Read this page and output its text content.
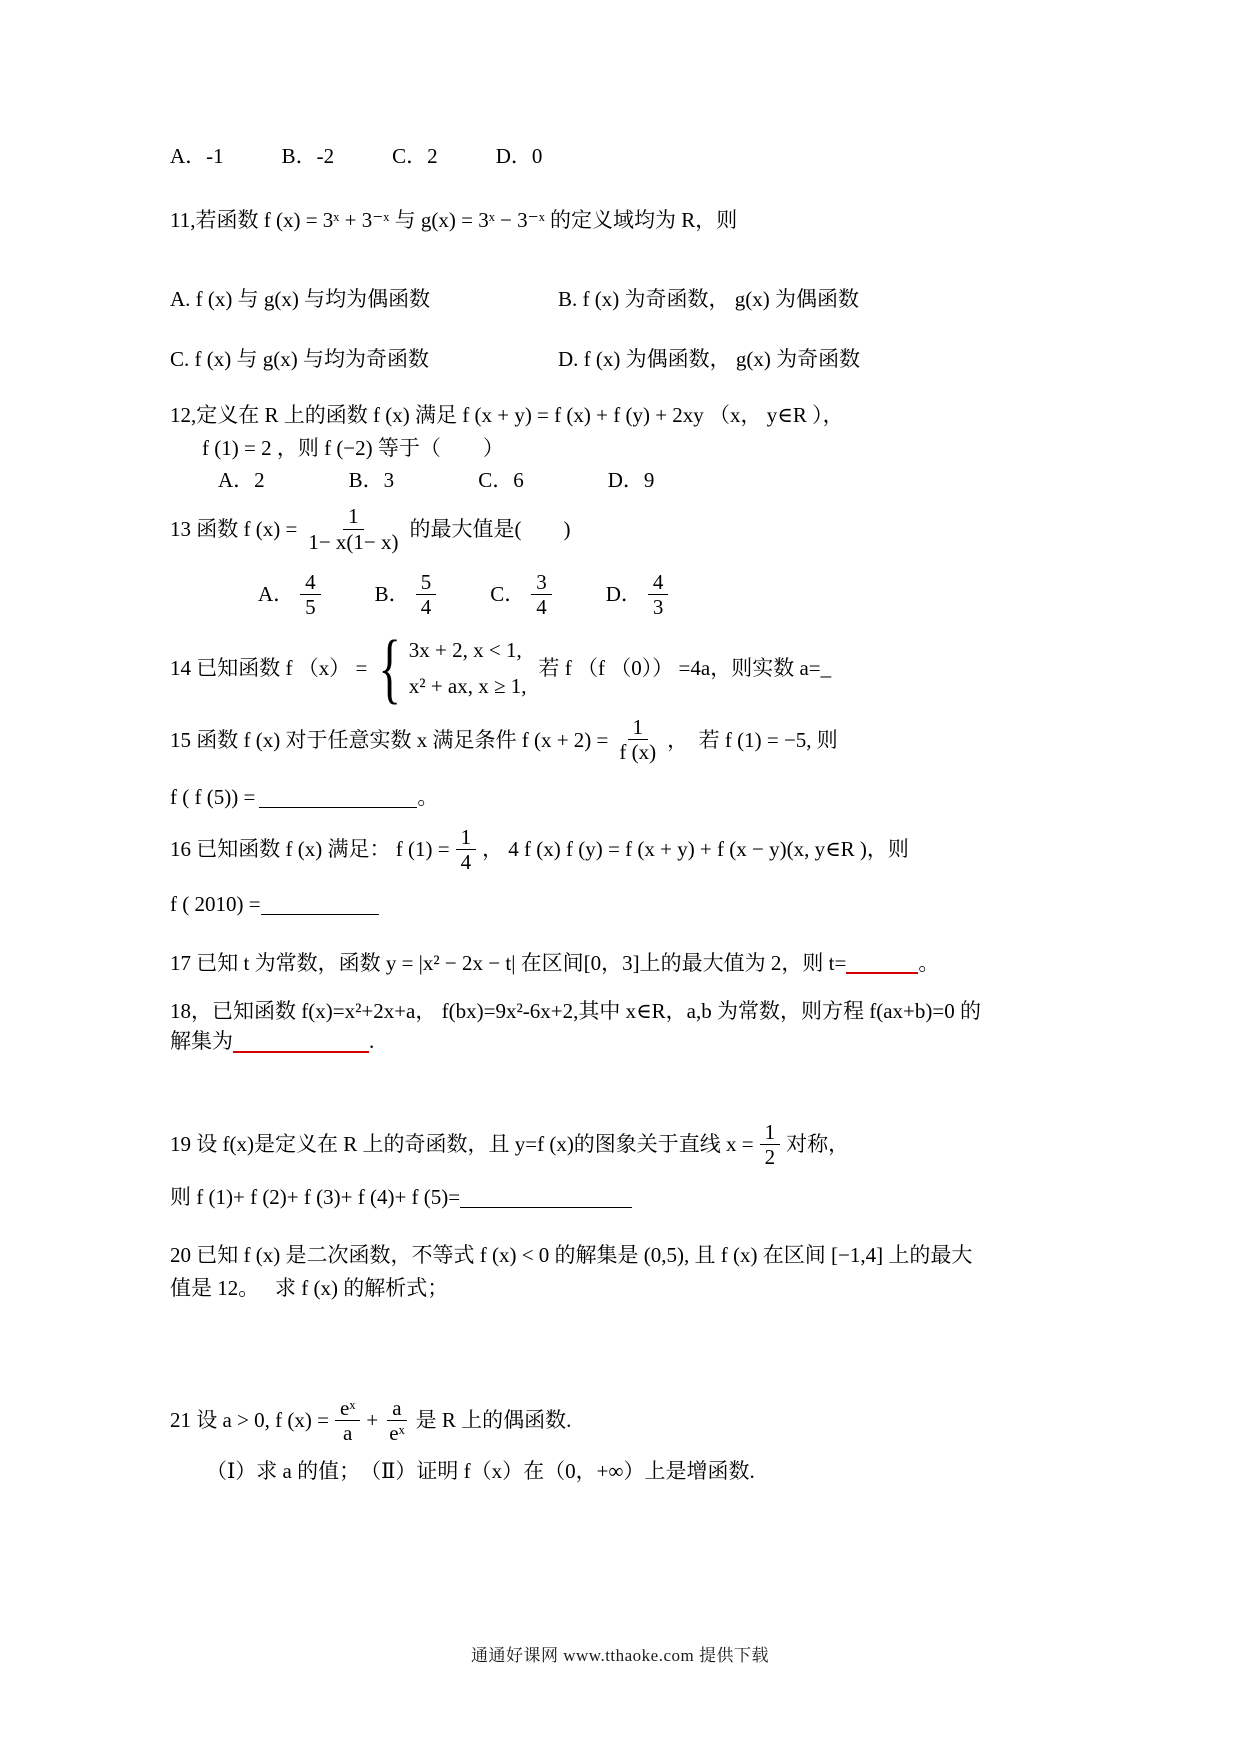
A．-1	B．-2	C．2	D．0
11,若函数 f (x) = 3ˣ + 3⁻ˣ 与 g(x) = 3ˣ − 3⁻ˣ 的定义域均为 R，则
A. f (x) 与 g(x) 与均为偶函数	B. f (x) 为奇函数， g(x) 为偶函数
C. f (x) 与 g(x) 与均为奇函数	D. f (x) 为偶函数， g(x) 为奇函数
12,定义在 R 上的函数 f (x) 满足 f (x + y) = f (x) + f (y) + 2xy （x， y∈R ），
f (1) = 2 ，则 f (−2) 等于（　　）
A．2	B．3	C．6	D．9
13 函数 f $(x) = \frac{1}{1- x(1- x)}$ 的最大值是(　　)
A． $\frac{4}{5}$	B． $\frac{5}{4}$	C． $\frac{3}{4}$	D． $\frac{4}{3}$
14 已知函数 f （x） = { 3x + 2, x < 1,
x² + ax, x ≥ 1,
若 f （f （0）） =4a，则实数 a= _
15 函数 f (x) 对于任意实数 x 满足条件 f $(x + 2) = \frac{1}{f (x)}$ ，　若 f (1) = −5, 则
f ( f (5)) =	。
16 已知函数 f (x) 满足： f $(1) = \frac{1}{4}$ ， 4 f (x) f (y) = f (x + y) + f (x − y)(x, y∈R )，则
f ( 2010) =
17 已知 t 为常数，函数 y = |x² − 2x − t| 在区间[0，3]上的最大值为 2，则 t=	。
18，已知函数 f(x)=x²+2x+a， f(bx)=9x²-6x+2,其中 x∈R，a,b 为常数，则方程 f(ax+b)=0 的
解集为	.
19 设 f(x)是定义在 R 上的奇函数，且 y=f (x)的图象关于直线 $x = \frac{1}{2}$ 对称，
则 f (1)+ f (2)+ f (3)+ f (4)+ f (5)=
20 已知 f (x) 是二次函数，不等式 f (x) < 0 的解集是 (0,5), 且 f (x) 在区间 [−1,4] 上的最大
值是 12。　 求 f (x) 的解析式；
21 设 a > 0, f $(x) = \frac{\text{eˣ}}{a} + \frac{a}{\text{eˣ}}$ 是 R 上的偶函数.
（Ⅰ）求 a 的值；　（Ⅱ）证明 f（x）在（0，+∞）上是增函数.
通通好课网 www.tthaoke.com 提供下载
